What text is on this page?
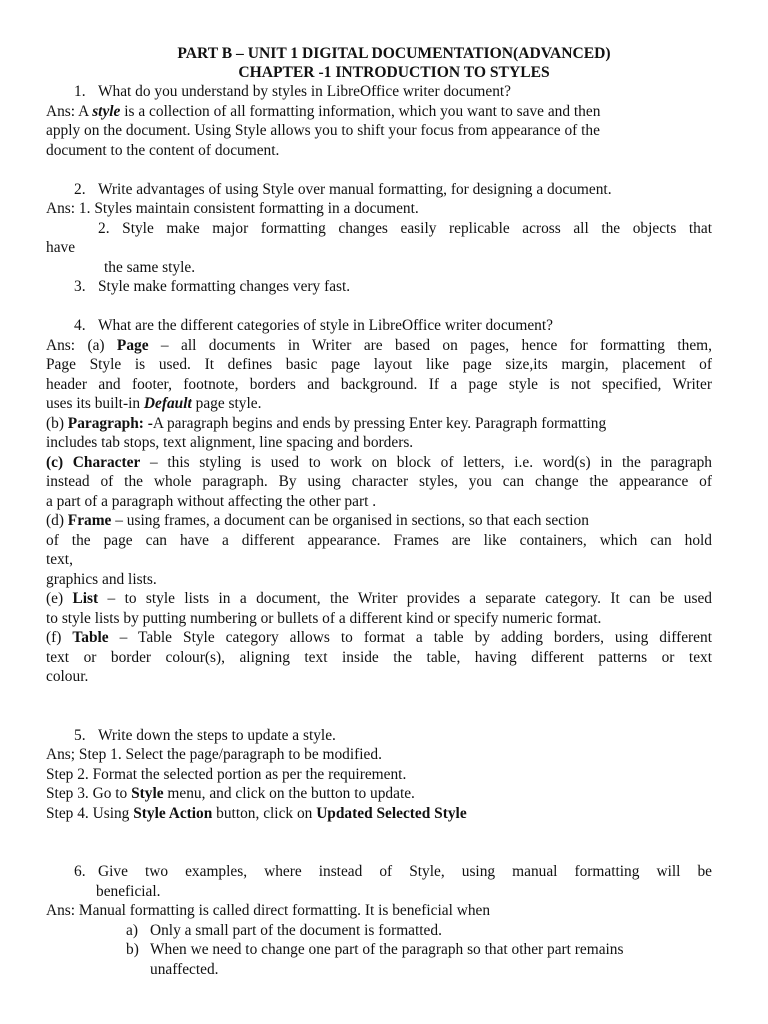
PART B – UNIT 1 DIGITAL DOCUMENTATION(ADVANCED)
CHAPTER -1 INTRODUCTION TO STYLES
1. What do you understand by styles in LibreOffice writer document?
Ans: A style is a collection of all formatting information, which you want to save and then
apply on the document. Using Style allows you to shift your focus from appearance of the
document to the content of document.
2. Write advantages of using Style over manual formatting, for designing a document.
Ans: 1. Styles maintain consistent formatting in a document.
2. Style make major formatting changes easily replicable across all the objects that
have
the same style.
3. Style make formatting changes very fast.
4. What are the different categories of style in LibreOffice writer document?
Ans: (a) Page – all documents in Writer are based on pages, hence for formatting them,
Page Style is used. It defines basic page layout like page size,its margin, placement of
header and footer, footnote, borders and background. If a page style is not specified, Writer
uses its built-in Default page style.
(b) Paragraph: -A paragraph begins and ends by pressing Enter key. Paragraph formatting
includes tab stops, text alignment, line spacing and borders.
(c) Character – this styling is used to work on block of letters, i.e. word(s) in the paragraph
instead of the whole paragraph. By using character styles, you can change the appearance of
a part of a paragraph without affecting the other part .
(d) Frame – using frames, a document can be organised in sections, so that each section
of the page can have a different appearance. Frames are like containers, which can hold
text,
graphics and lists.
(e) List – to style lists in a document, the Writer provides a separate category. It can be used
to style lists by putting numbering or bullets of a different kind or specify numeric format.
(f) Table – Table Style category allows to format a table by adding borders, using different
text or border colour(s), aligning text inside the table, having different patterns or text
colour.
5. Write down the steps to update a style.
Ans; Step 1. Select the page/paragraph to be modified.
Step 2. Format the selected portion as per the requirement.
Step 3. Go to Style menu, and click on the button to update.
Step 4. Using Style Action button, click on Updated Selected Style
6. Give two examples, where instead of Style, using manual formatting will be
beneficial.
Ans: Manual formatting is called direct formatting. It is beneficial when
a) Only a small part of the document is formatted.
b) When we need to change one part of the paragraph so that other part remains
unaffected.
